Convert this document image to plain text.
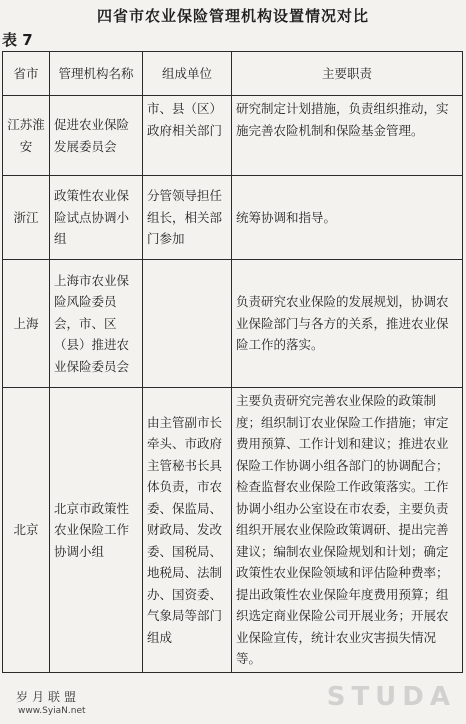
四省市农业保险管理机构设置情况对比
表 7
省市	管理机构名称	组成单位	主要职责
江苏淮安	促进农业保险发展委员会	市、县（区）政府相关部门	研究制定计划措施，负责组织推动，实施完善农险机制和保险基金管理。
浙江	政策性农业保险试点协调小组	分管领导担任组长，相关部门参加	统筹协调和指导。
上海	上海市农业保险风险委员会，市、区（县）推进农业保险委员会		负责研究农业保险的发展规划，协调农业保险部门与各方的关系，推进农业保险工作的落实。
北京	北京市政策性农业保险工作协调小组	由主管副市长牵头、市政府主管秘书长具体负责，市农委、保监局、财政局、发改委、国税局、地税局、法制办、国资委、气象局等部门组成	主要负责研究完善农业保险的政策制度；组织制订农业保险工作措施；审定费用预算、工作计划和建议；推进农业保险工作协调小组各部门的协调配合；检查监督农业保险工作政策落实。工作协调小组办公室设在市农委，主要负责组织开展农业保险政策调研、提出完善建议；编制农业保险规划和计划；确定政策性农业保险领域和评估险种费率；提出政策性农业保险年度费用预算；组织选定商业保险公司开展业务；开展农业保险宣传，统计农业灾害损失情况等。
STUDA
岁月联盟
www.SyiaN.net
